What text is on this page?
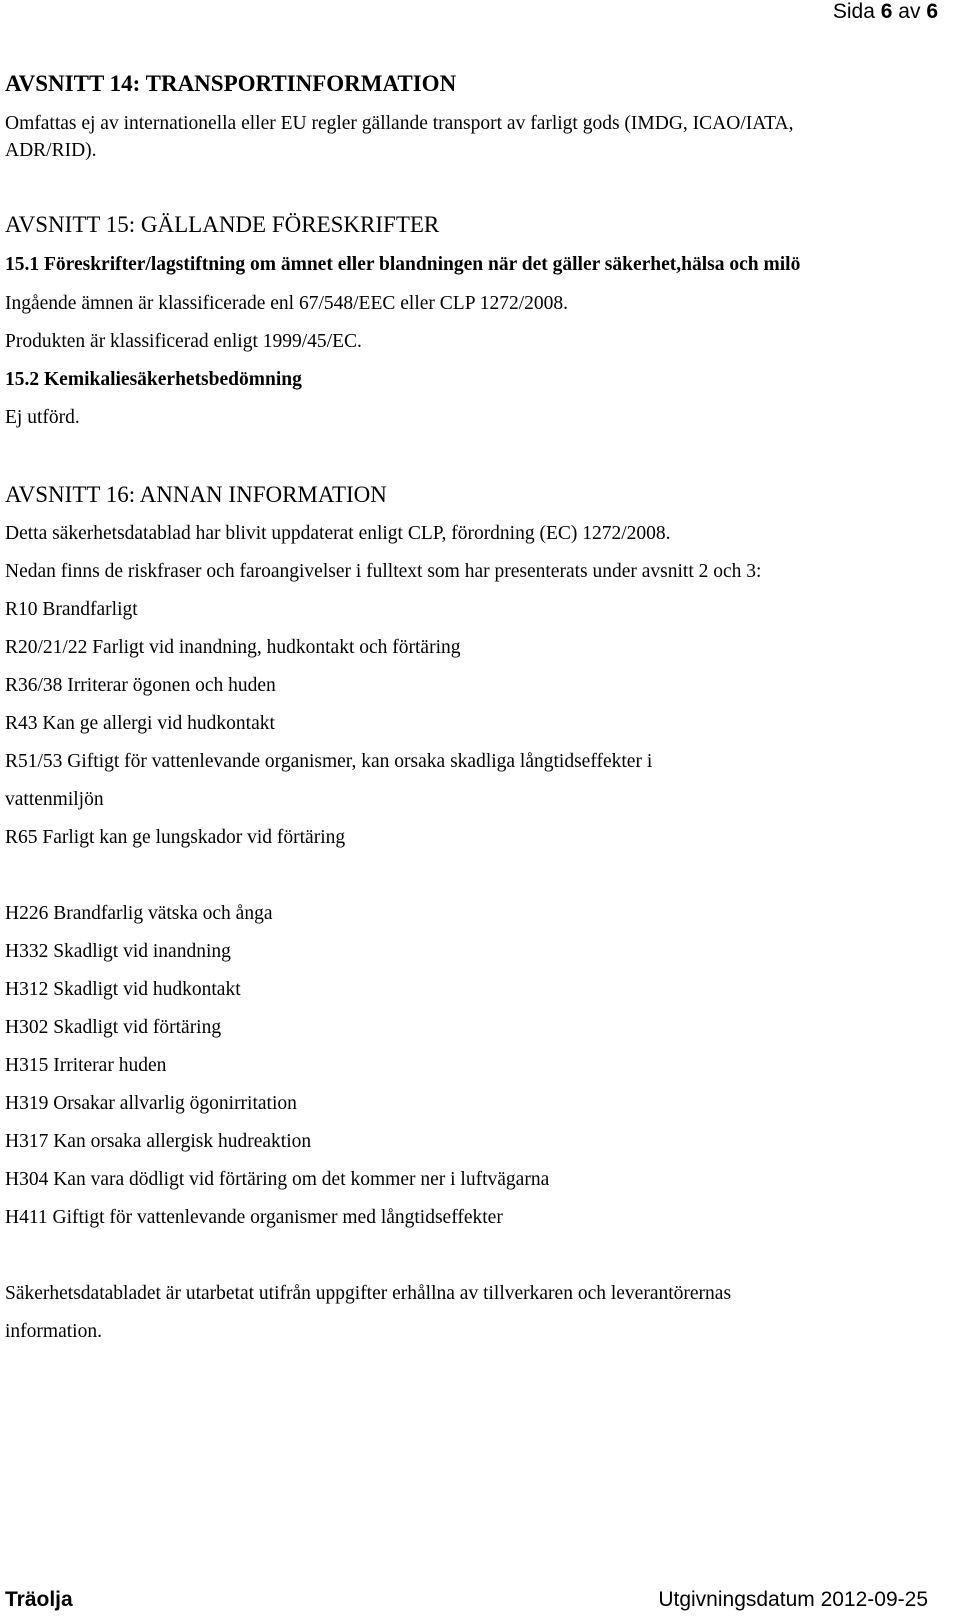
Sida 6 av 6
AVSNITT 14: TRANSPORTINFORMATION
Omfattas ej av internationella eller EU regler gällande transport av farligt gods (IMDG, ICAO/IATA,
ADR/RID).
AVSNITT 15: GÄLLANDE FÖRESKRIFTER
15.1 Föreskrifter/lagstiftning om ämnet eller blandningen när det gäller säkerhet,hälsa och milö
Ingående ämnen är klassificerade enl 67/548/EEC eller CLP 1272/2008.
Produkten är klassificerad enligt 1999/45/EC.
15.2 Kemikaliesäkerhetsbedömning
Ej utförd.
AVSNITT 16: ANNAN INFORMATION
Detta säkerhetsdatablad har blivit uppdaterat enligt CLP, förordning (EC) 1272/2008.
Nedan finns de riskfraser och faroangivelser i fulltext som har presenterats under avsnitt 2 och 3:
R10 Brandfarligt
R20/21/22 Farligt vid inandning, hudkontakt och förtäring
R36/38 Irriterar ögonen och huden
R43 Kan ge allergi vid hudkontakt
R51/53 Giftigt för vattenlevande organismer, kan orsaka skadliga långtidseffekter i
vattenmiljön
R65 Farligt kan ge lungskador vid förtäring
H226 Brandfarlig vätska och ånga
H332 Skadligt vid inandning
H312 Skadligt vid hudkontakt
H302 Skadligt vid förtäring
H315 Irriterar huden
H319 Orsakar allvarlig ögonirritation
H317 Kan orsaka allergisk hudreaktion
H304 Kan vara dödligt vid förtäring om det kommer ner i luftvägarna
H411 Giftigt för vattenlevande organismer med långtidseffekter
Säkerhetsdatabladet är utarbetat utifrån uppgifter erhållna av tillverkaren och leverantörernas
information.
Träolja	Utgivningsdatum 2012-09-25
